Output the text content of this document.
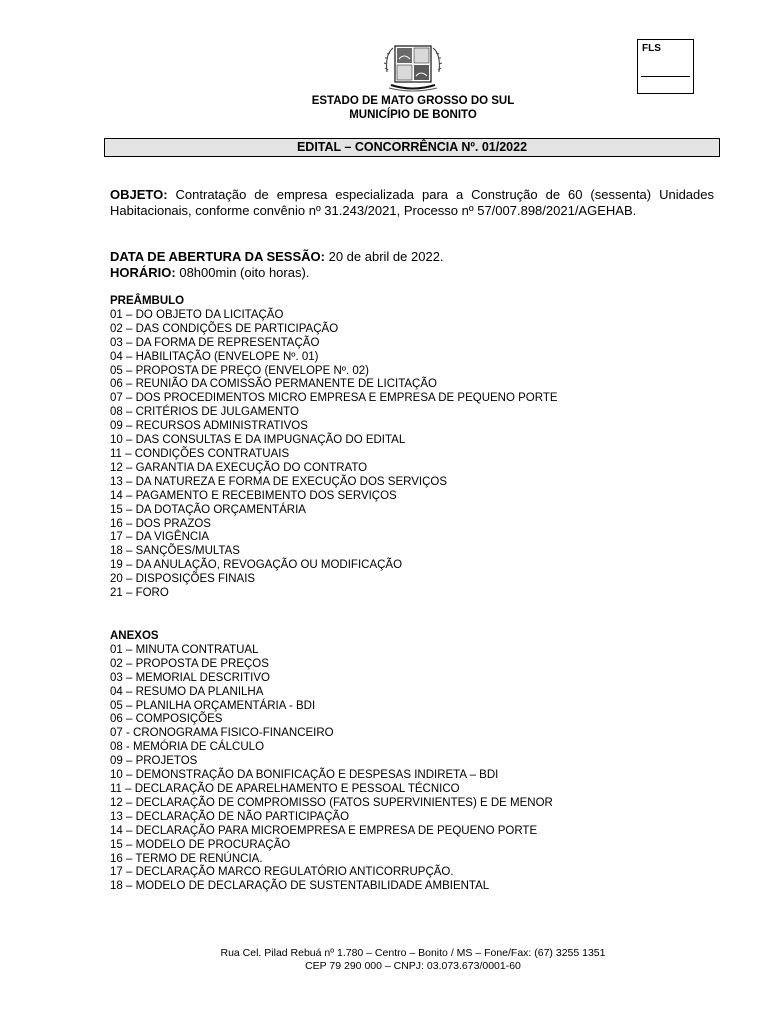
FLS
ESTADO DE MATO GROSSO DO SUL
MUNICÍPIO DE BONITO
EDITAL – CONCORRÊNCIA Nº. 01/2022
OBJETO: Contratação de empresa especializada para a Construção de 60 (sessenta) Unidades Habitacionais, conforme convênio nº 31.243/2021, Processo nº 57/007.898/2021/AGEHAB.
DATA DE ABERTURA DA SESSÃO: 20 de abril de 2022.
HORÁRIO: 08h00min (oito horas).
PREÂMBULO
01 – DO OBJETO DA LICITAÇÃO
02 – DAS CONDIÇÕES DE PARTICIPAÇÃO
03 – DA FORMA DE REPRESENTAÇÃO
04 – HABILITAÇÃO (ENVELOPE Nº. 01)
05 – PROPOSTA DE PREÇO (ENVELOPE Nº. 02)
06 – REUNIÃO DA COMISSÃO PERMANENTE DE LICITAÇÃO
07 – DOS PROCEDIMENTOS MICRO EMPRESA E EMPRESA DE PEQUENO PORTE
08 – CRITÉRIOS DE JULGAMENTO
09 – RECURSOS ADMINISTRATIVOS
10 – DAS CONSULTAS E DA IMPUGNAÇÃO DO EDITAL
11 – CONDIÇÕES CONTRATUAIS
12 – GARANTIA DA EXECUÇÃO DO CONTRATO
13 – DA NATUREZA E FORMA DE EXECUÇÃO DOS SERVIÇOS
14 – PAGAMENTO E RECEBIMENTO DOS SERVIÇOS
15 – DA DOTAÇÃO ORÇAMENTÁRIA
16 – DOS PRAZOS
17 – DA VIGÊNCIA
18 – SANÇÕES/MULTAS
19 – DA ANULAÇÃO, REVOGAÇÃO OU MODIFICAÇÃO
20 – DISPOSIÇÕES FINAIS
21 – FORO
ANEXOS
01 – MINUTA CONTRATUAL
02 – PROPOSTA DE PREÇOS
03 – MEMORIAL DESCRITIVO
04 – RESUMO DA PLANILHA
05 – PLANILHA ORÇAMENTÁRIA - BDI
06 – COMPOSIÇÕES
07 - CRONOGRAMA FISICO-FINANCEIRO
08 - MEMÓRIA DE CÁLCULO
09 – PROJETOS
10 – DEMONSTRAÇÃO DA BONIFICAÇÃO E DESPESAS INDIRETA – BDI
11 – DECLARAÇÃO DE APARELHAMENTO E PESSOAL TÉCNICO
12 – DECLARAÇÃO DE COMPROMISSO (FATOS SUPERVINIENTES) E DE MENOR
13 – DECLARAÇÃO DE NÃO PARTICIPAÇÃO
14 – DECLARAÇÃO PARA MICROEMPRESA E EMPRESA DE PEQUENO PORTE
15 – MODELO DE PROCURAÇÃO
16 – TERMO DE RENÚNCIA.
17 – DECLARAÇÃO MARCO REGULATÓRIO ANTICORRUPÇÃO.
18 – MODELO DE DECLARAÇÃO DE SUSTENTABILIDADE AMBIENTAL
Rua Cel. Pilad Rebuá nº 1.780 – Centro – Bonito / MS – Fone/Fax: (67) 3255 1351
CEP 79 290 000 – CNPJ: 03.073.673/0001-60
